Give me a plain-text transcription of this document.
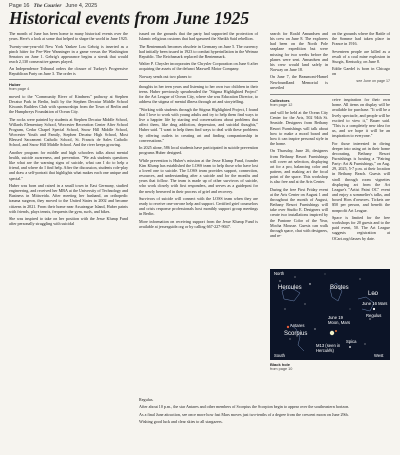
Page 16 The Courier June 4, 2025
Historical events from June 1925

The month of June has been home to many historical events over the years. Here's a look at some that helped to shape the world in June 1925.

Twenty-one-year-old New York Yankee Lou Gehrig is inserted as a pinch hitter for Pee-Wee Wanninger in a game versus the Washington Senators on June 1. Gehrig's appearance begins a streak that would reach 2,130 consecutive games played.

An Independence Tribunal orders the closure of Turkey's Progressive Republican Party on June 3. The order is

Huber
from page 4

moved to the "Community River of Kindness" pathway at Stephen Decatur Park in Berlin, built by the Stephen Decatur Middle School Kiwanis Builders Club with sponsorships from the Town of Berlin and the Humphreys Foundation of Ocean City.

The rocks were painted by students at Stephen Decatur Middle School, Willards Elementary School, Worcester Recreation Center After School Program, Cedar Chapel Special School, Snow Hill Middle School, Worcester Youth and Family, Stephen Decatur High School, Most Blessed Sacrament Catholic School, St. Francis de Sales Catholic School, and Snow Hill Middle School. And the river keeps growing.

Another program for middle and high schoolers talks about mental health, suicide awareness, and prevention. "We ask students questions like what are the warning signs of suicide, what can I do to help a friend, and where do I find help. After the discussion, students role-play and draw a self-portrait that highlights what makes each one unique and special."

Huber was born and raised in a small town in East Germany, studied engineering, and received her MBA at the University of Technology and Business in Mittweida. After meeting her husband, an orthopedic trauma surgeon, they moved to the United States in 2002 and became citizens in 2021. From their home near Assateague Island, Huber paints with friends, plays tennis, frequents the gym, surfs, and bikes.

She was inspired to take on her position with the Jesse Klump Fund after personally struggling with suicidal

issued on the grounds that the party had supported the protection of Islamic religious customs that had spawned the Sheikh Said rebellion.

The Rentenmark becomes obsolete in Germany on June 5. The currency had initially been issued in 1923 to combat hyperinflation in the Weimar Republic. The Reichsmark replaced the Rentenmark.

Walter P. Chrysler incorporates the Chrysler Corporation on June 6 after acquiring the assets of the defunct Maxwell Motor Company.

Norway sends out two planes to

thoughts in her teen years and listening to her own two children in their teens. Huber previously spearheaded the "Stigma Highlighted Project" for the Art League of Ocean City, where she was Education Director, to address the stigma of mental illness through art and storytelling.

"Working with students through the Stigma Highlighted Project, I found that I love to work with young adults and try to help them find ways to live a happier life by starting real conversations about problems that affect them, like drug addiction, depression, and suicidal thoughts," Huber said. "I want to help them find ways to deal with these problems by offering outlets in creating art and finding companionship in conversations."

In 2025 alone, 586 local students have participated in suicide prevention programs Huber designed.

While prevention is Huber's mission at the Jesse Klump Fund, founder Kim Klump has established the LOSS team to help those who have lost a loved one to suicide. The LOSS team provides support, connection, resources, and understanding after a suicide and for the months and years that follow. The team is made up of other survivors of suicide, who work closely with first responders, and serves as a guidepost for the newly bereaved in their process of grief and recovery.

Survivors of suicide will connect with the LOSS team when they are ready to receive one-on-one help and support. Certified grief counselors and crisis response professionals host monthly support group meetings in Berlin.

More information on receiving support from the Jesse Klump Fund is available at jessesguide.org or by calling 667-227-9047.

search for Roald Amundsen and his crew on June 8. The explorers had been on the North Pole seaplane expedition but were missing for two weeks before the planes were sent. Amundsen and his crew would land safely in Norway on June 18.

On June 7, the Beaumont-Hamel Newfoundland Memorial is unveiled

on the grounds where the Battle of the Somme had taken place in France in 1916.

Seventeen people are killed as a result of a coal mine explosion in Sturgis, Kentucky, on June 8.

Eddie Gaedel is born in Chicago on

see June on page 17
Collectors
from page 12

and will be held at the Ocean City Center for the Arts, 502 94th St. Seaside. Designers from Bethany Resort Furnishings will talk about how to make a mood board and how it can inspire personal style in the home.

On Thursday, June 26, designers from Bethany Resort Furnishings will cover art selection, displaying art for a pro, balancing color and pattern, and making art the focal point of the space. This workshop is also free and at the Arts Center.

During the free First Friday event at the Arts Center on August 1 and throughout the month of August, Bethany Resort Furnishings will take over Studio E. Designers will create two installations inspired by the Pantone Color of the Year, Mocha Mousse. Guests can walk through space, chat with designers, and re-

ceive inspiration for their own home. All items on display will be available for purchase. "It will be a lively spectacle, and people will be excited to view it," Bauer said. "This is a completely new idea for us, and we hope it will be an inspiration to everyone."

For those interested in diving deeper into using art in their home decorating, Bethany Resort Furnishings is hosting a "Pairing Party: Art & Furnishings," on Aug. 29, 2025, 5-7 p.m. at their location in Bethany Beach. Guests will stroll through room vignettes displaying art from the Art League's "Artist Paint OC" event and enjoy a sommelier's talks, and boxed Hors d'oeuvres. Tickets are $50 per person, and benefit the nonprofit Art League.

Space is limited for the free workshops for 20 guests and to the paid event, 50. The Art League suggests registration at OCart.org/classes by date.

North
Hercules	Bootes
Leo
June 16 Mars
Regulus
Antares
Scorpius
June 19 Moon, Mars
Spica
South
M13 (seen in Hercules)
West
Black hole
from page 10

Regulus.

After about 10 p.m., the star Antares and other members of Scorpius the Scorpion begin to appear over the southeastern horizon.

As a final June attraction, see once more how fast Mars moves just two-tenths of a degree from the crescent moon on June 29th.

Wishing good luck and clear skies to all stargazers.
